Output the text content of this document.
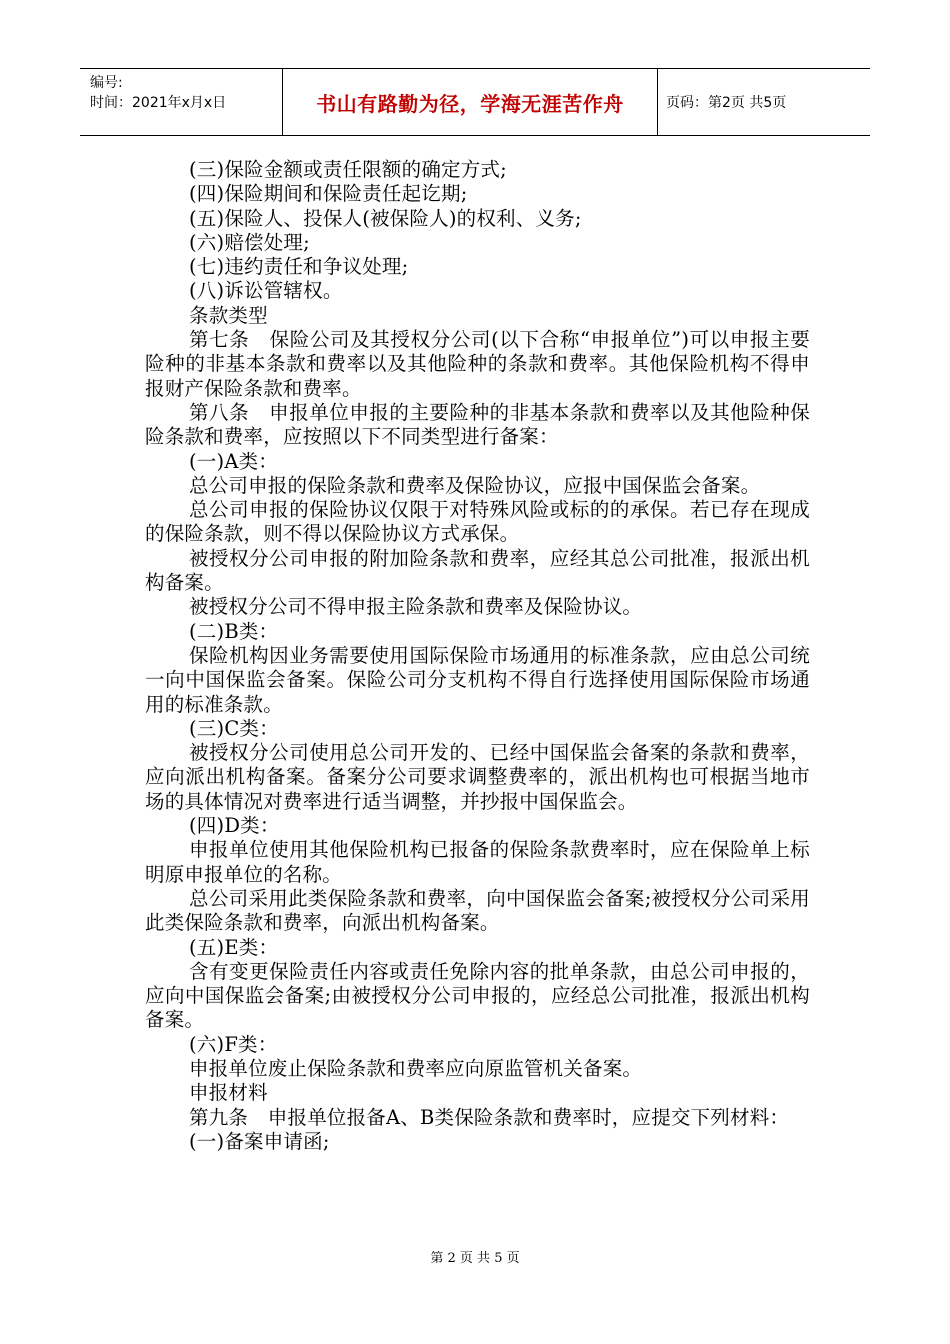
编号:
时间：2021年x月x日	书山有路勤为径，学海无涯苦作舟	页码：第2页 共5页

(三)保险金额或责任限额的确定方式;

(四)保险期间和保险责任起讫期;

(五)保险人、投保人(被保险人)的权利、义务;

(六)赔偿处理;

(七)违约责任和争议处理;

(八)诉讼管辖权。

条款类型

第七条　保险公司及其授权分公司(以下合称“申报单位”)可以申报主要险种的非基本条款和费率以及其他险种的条款和费率。其他保险机构不得申报财产保险条款和费率。

第八条　申报单位申报的主要险种的非基本条款和费率以及其他险种保险条款和费率，应按照以下不同类型进行备案：

(一)A类：

总公司申报的保险条款和费率及保险协议，应报中国保监会备案。

总公司申报的保险协议仅限于对特殊风险或标的的承保。若已存在现成的保险条款，则不得以保险协议方式承保。

被授权分公司申报的附加险条款和费率，应经其总公司批准，报派出机构备案。

被授权分公司不得申报主险条款和费率及保险协议。

(二)B类：

保险机构因业务需要使用国际保险市场通用的标准条款，应由总公司统一向中国保监会备案。保险公司分支机构不得自行选择使用国际保险市场通用的标准条款。

(三)C类：

被授权分公司使用总公司开发的、已经中国保监会备案的条款和费率，应向派出机构备案。备案分公司要求调整费率的，派出机构也可根据当地市场的具体情况对费率进行适当调整，并抄报中国保监会。

(四)D类：

申报单位使用其他保险机构已报备的保险条款费率时，应在保险单上标明原申报单位的名称。

总公司采用此类保险条款和费率，向中国保监会备案;被授权分公司采用此类保险条款和费率，向派出机构备案。

(五)E类：

含有变更保险责任内容或责任免除内容的批单条款，由总公司申报的，应向中国保监会备案;由被授权分公司申报的，应经总公司批准，报派出机构备案。

(六)F类：

申报单位废止保险条款和费率应向原监管机关备案。

申报材料

第九条　申报单位报备A、B类保险条款和费率时，应提交下列材料：

(一)备案申请函;

第 2 页 共 5 页
